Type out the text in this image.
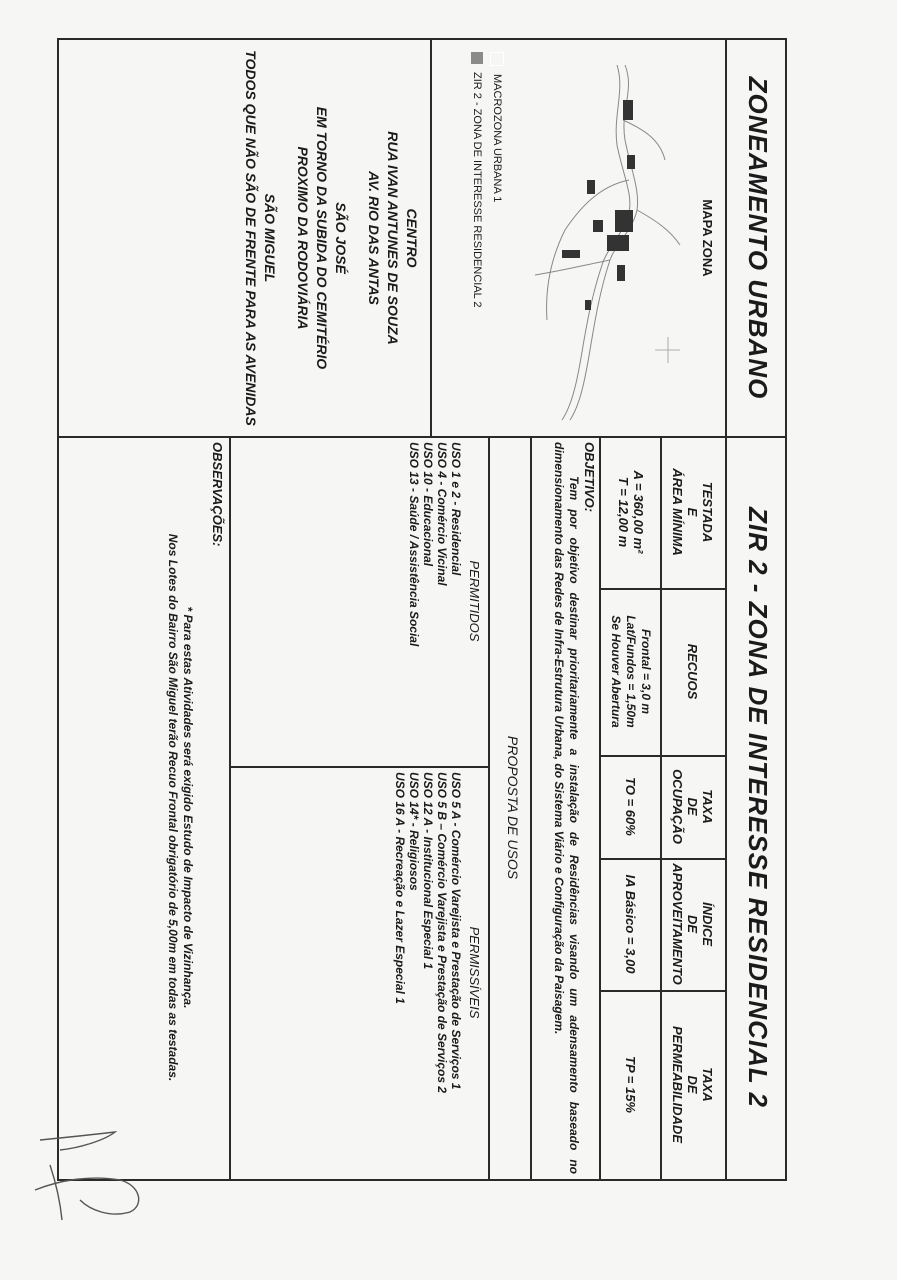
ZONEAMENTO URBANO
ZIR 2 - ZONA DE INTERESSE RESIDENCIAL 2
MAPA ZONA
MACROZONA URBANA 1
ZIR 2 - ZONA DE INTERESSE RESIDENCIAL 2
CENTRO
RUA IVAN ANTUNES DE SOUZA
AV. RIO DAS ANTAS
SÃO JOSÉ
EM TORNO DA SUBIDA DO CEMITÉRIO
PROXIMO DA RODOVIÁRIA
SÃO MIGUEL
TODOS QUE NÃO SÃO DE FRENTE PARA AS AVENIDAS
TESTADA
E
ÁREA MÍNIMA
RECUOS
TAXA
DE
OCUPAÇÃO
ÍNDICE
DE
APROVEITAMENTO
TAXA
DE
PERMEABILIDADE
A = 360,00 m²
T = 12,00 m
Frontal = 3,0 m
Lat/Fundos = 1,50m
Se Houver Abertura
TO = 60%
IA Básico = 3,00
TP = 15%
OBJETIVO:
Tem por objetivo destinar prioritariamente a instalação de Residências visando um adensamento baseado no dimensionamento das Redes de Infra-Estrutura Urbana, do Sistema Viário e Configuração da Paisagem.
PROPOSTA DE USOS
PERMITIDOS
PERMISSÍVEIS
USO 1 e 2 - Residencial
USO 4 - Comércio Vicinal
USO 10 - Educacional
USO 13 - Saúde / Assistência Social
USO 5 A - Comércio Varejista e Prestação de Serviços 1
USO 5 B – Comércio Varejista e Prestação de Serviços 2
USO 12 A - Institucional Especial 1
USO 14* - Religiosos
USO 16 A - Recreação e Lazer Especial 1
OBSERVAÇÕES:
* Para estas Atividades será exigido Estudo de Impacto de Vizinhança.
Nos Lotes do Bairro São Miguel terão Recuo Frontal obrigatório de 5,00m em todas as testadas.
